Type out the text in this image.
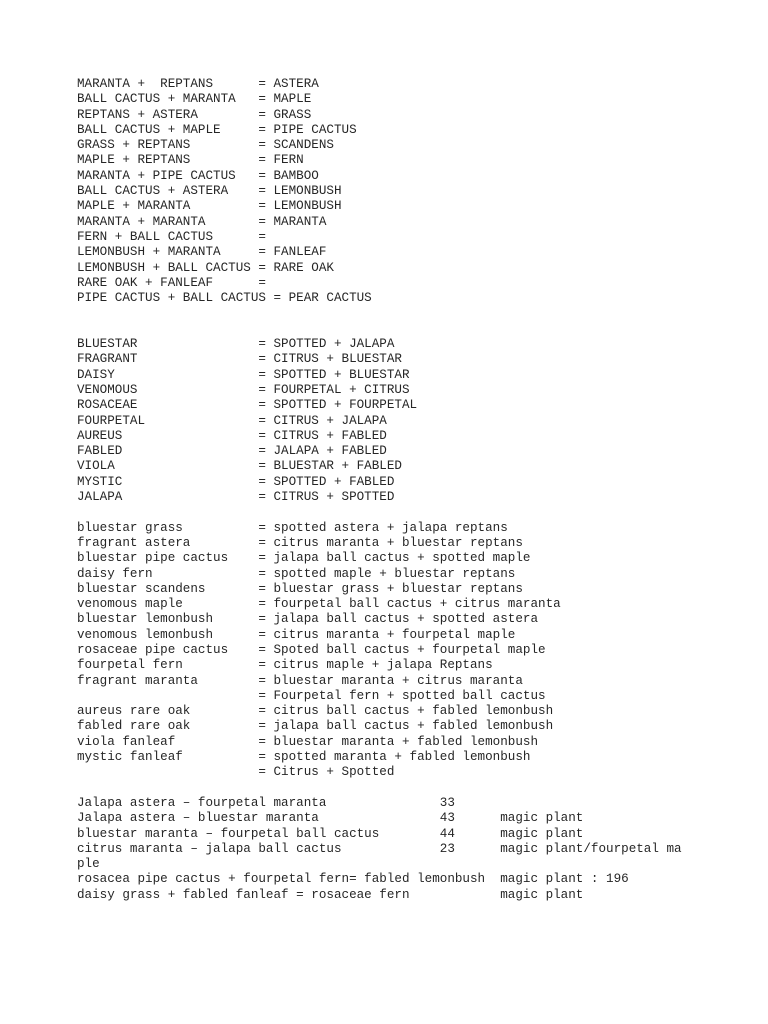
MARANTA +  REPTANS      = ASTERA
BALL CACTUS + MARANTA   = MAPLE
REPTANS + ASTERA        = GRASS
BALL CACTUS + MAPLE     = PIPE CACTUS
GRASS + REPTANS         = SCANDENS
MAPLE + REPTANS         = FERN
MARANTA + PIPE CACTUS   = BAMBOO
BALL CACTUS + ASTERA    = LEMONBUSH
MAPLE + MARANTA         = LEMONBUSH
MARANTA + MARANTA       = MARANTA
FERN + BALL CACTUS      =
LEMONBUSH + MARANTA     = FANLEAF
LEMONBUSH + BALL CACTUS = RARE OAK
RARE OAK + FANLEAF      =
PIPE CACTUS + BALL CACTUS = PEAR CACTUS
BLUESTAR                = SPOTTED + JALAPA
FRAGRANT                = CITRUS + BLUESTAR
DAISY                   = SPOTTED + BLUESTAR
VENOMOUS                = FOURPETAL + CITRUS
ROSACEAE                = SPOTTED + FOURPETAL
FOURPETAL               = CITRUS + JALAPA
AUREUS                  = CITRUS + FABLED
FABLED                  = JALAPA + FABLED
VIOLA                   = BLUESTAR + FABLED
MYSTIC                  = SPOTTED + FABLED
JALAPA                  = CITRUS + SPOTTED
bluestar grass          = spotted astera + jalapa reptans
fragrant astera         = citrus maranta + bluestar reptans
bluestar pipe cactus    = jalapa ball cactus + spotted maple
daisy fern              = spotted maple + bluestar reptans
bluestar scandens       = bluestar grass + bluestar reptans
venomous maple          = fourpetal ball cactus + citrus maranta
bluestar lemonbush      = jalapa ball cactus + spotted astera
venomous lemonbush      = citrus maranta + fourpetal maple
rosaceae pipe cactus    = Spoted ball cactus + fourpetal maple
fourpetal fern          = citrus maple + jalapa Reptans
fragrant maranta        = bluestar maranta + citrus maranta
= Fourpetal fern + spotted ball cactus
aureus rare oak         = citrus ball cactus + fabled lemonbush
fabled rare oak         = jalapa ball cactus + fabled lemonbush
viola fanleaf           = bluestar maranta + fabled lemonbush
mystic fanleaf          = spotted maranta + fabled lemonbush
= Citrus + Spotted
Jalapa astera – fourpetal maranta               33
Jalapa astera – bluestar maranta                43      magic plant
bluestar maranta – fourpetal ball cactus        44      magic plant
citrus maranta – jalapa ball cactus             23      magic plant/fourpetal ma
ple
rosacea pipe cactus + fourpetal fern= fabled lemonbush  magic plant : 196
daisy grass + fabled fanleaf = rosaceae fern            magic plant
